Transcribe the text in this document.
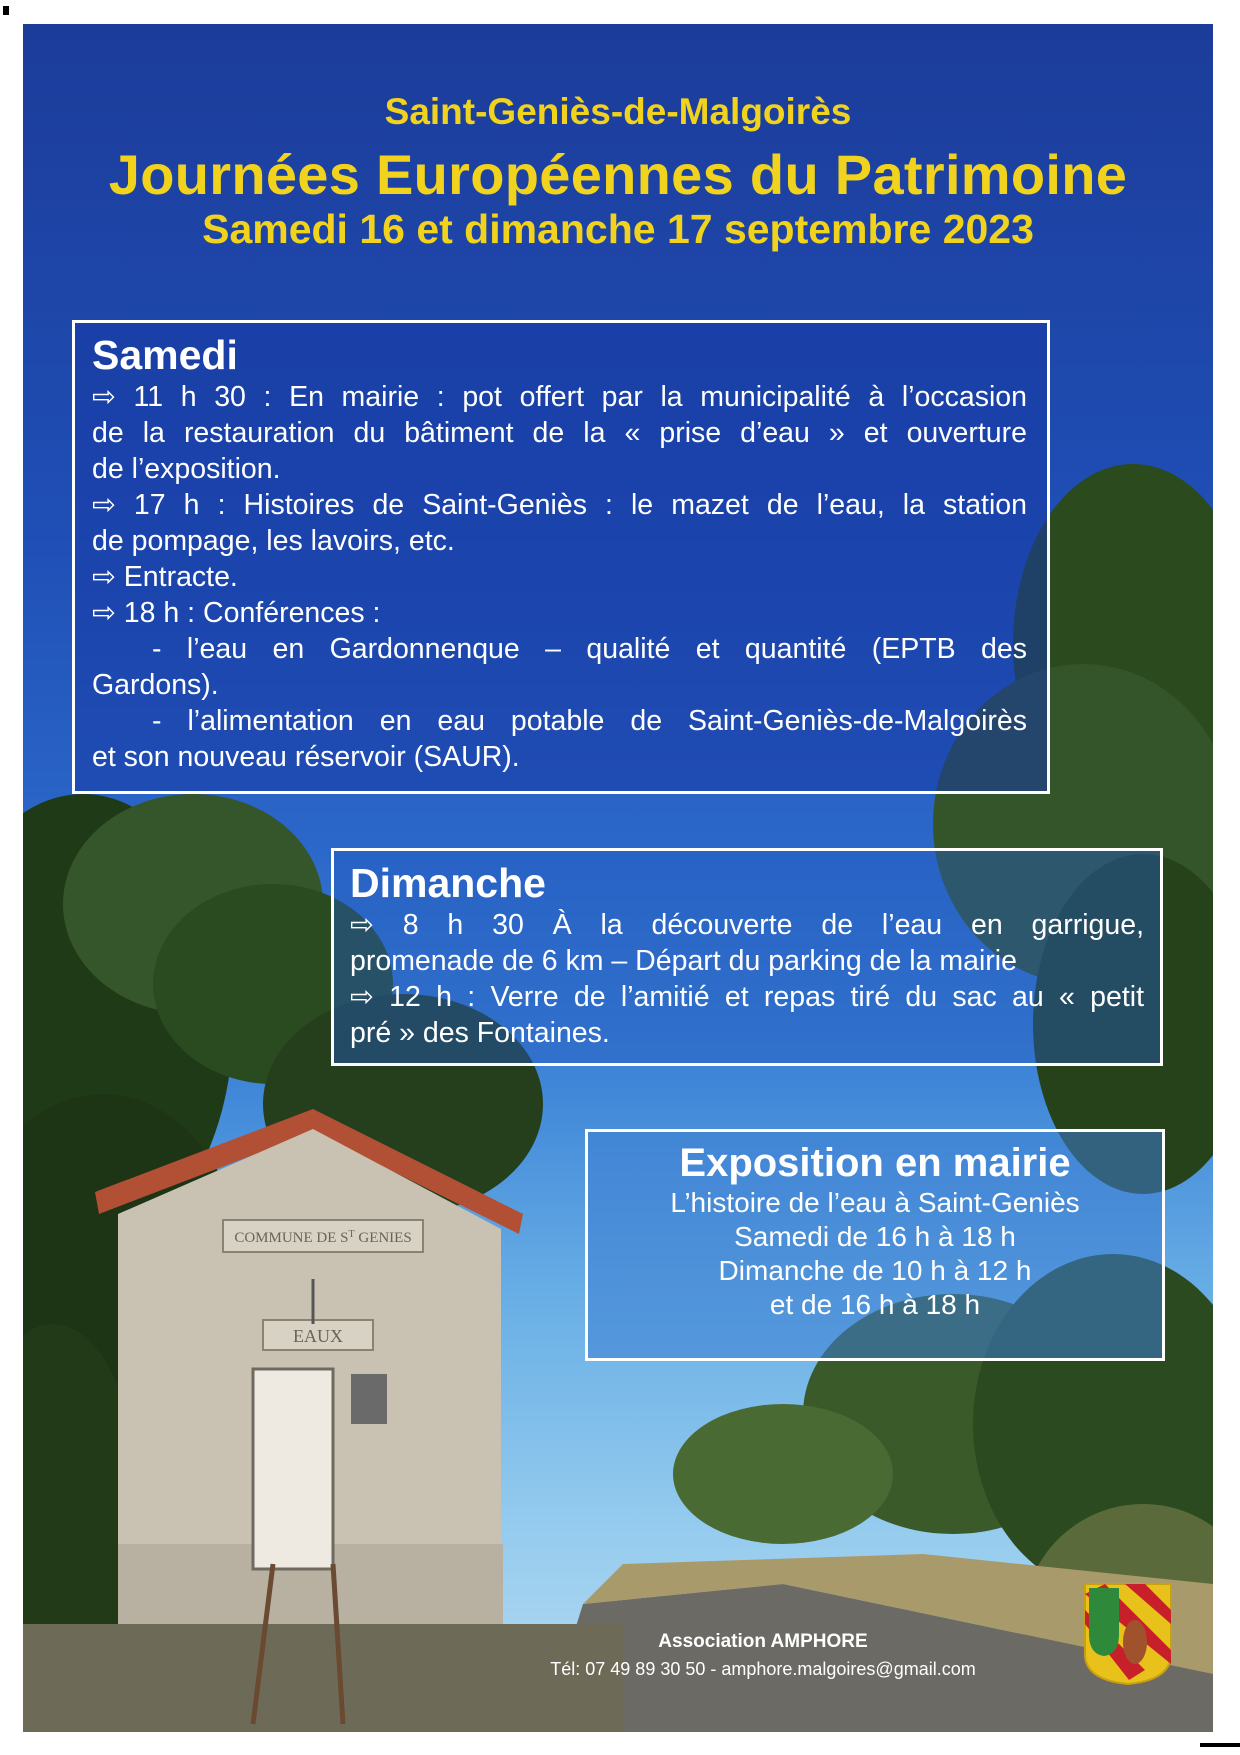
COMMUNE DE $S^T$ GENIES
EAUX
Saint-Geniès-de-Malgoirès
Journées Européennes du Patrimoine
Samedi 16 et dimanche 17 septembre 2023
Samedi
⇨ 11 h 30 : En mairie : pot offert par la municipalité à l’occasion
de la restauration du bâtiment de la « prise d’eau » et ouverture
de l’exposition.
⇨ 17 h : Histoires de Saint-Geniès : le mazet de l’eau, la station
de pompage, les lavoirs, etc.
⇨ Entracte.
⇨ 18 h : Conférences :
- l’eau en Gardonnenque – qualité et quantité (EPTB des
Gardons).
- l’alimentation en eau potable de Saint-Geniès-de-Malgoirès
et son nouveau réservoir (SAUR).
Dimanche
⇨ 8 h 30 À la découverte de l’eau en garrigue,
promenade de 6 km – Départ du parking de la mairie
⇨ 12 h : Verre de l’amitié et repas tiré du sac au « petit
pré » des Fontaines.
Exposition en mairie
L’histoire de l’eau à Saint-Geniès
Samedi de 16 h à 18 h
Dimanche de 10 h à 12 h
et de 16 h à 18 h
Association AMPHORE
Tél: 07 49 89 30 50 - amphore.malgoires@gmail.com
